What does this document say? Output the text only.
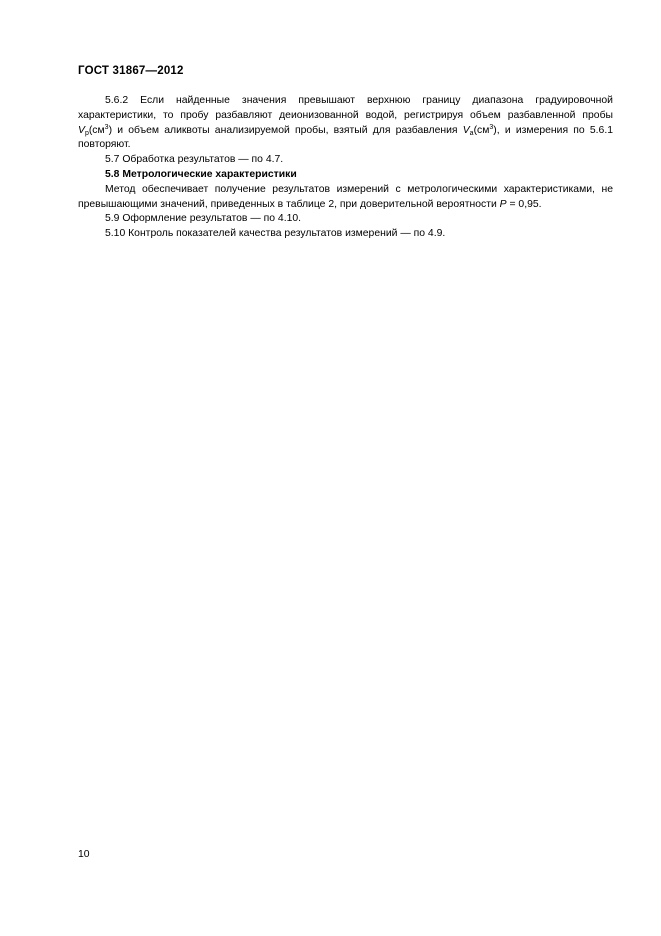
ГОСТ 31867—2012

5.6.2 Если найденные значения превышают верхнюю границу диапазона градуировочной характеристики, то пробу разбавляют деионизованной водой, регистрируя объем разбавленной пробы $V_р(см^3)$ и объем аликвоты анализируемой пробы, взятый для разбавления $V_а(см^3)$, и измерения по 5.6.1 повторяют.

5.7 Обработка результатов — по 4.7.

5.8 Метрологические характеристики

Метод обеспечивает получение результатов измерений с метрологическими характеристиками, не превышающими значений, приведенных в таблице 2, при доверительной вероятности P = 0,95.

5.9 Оформление результатов — по 4.10.

5.10 Контроль показателей качества результатов измерений — по 4.9.

10
